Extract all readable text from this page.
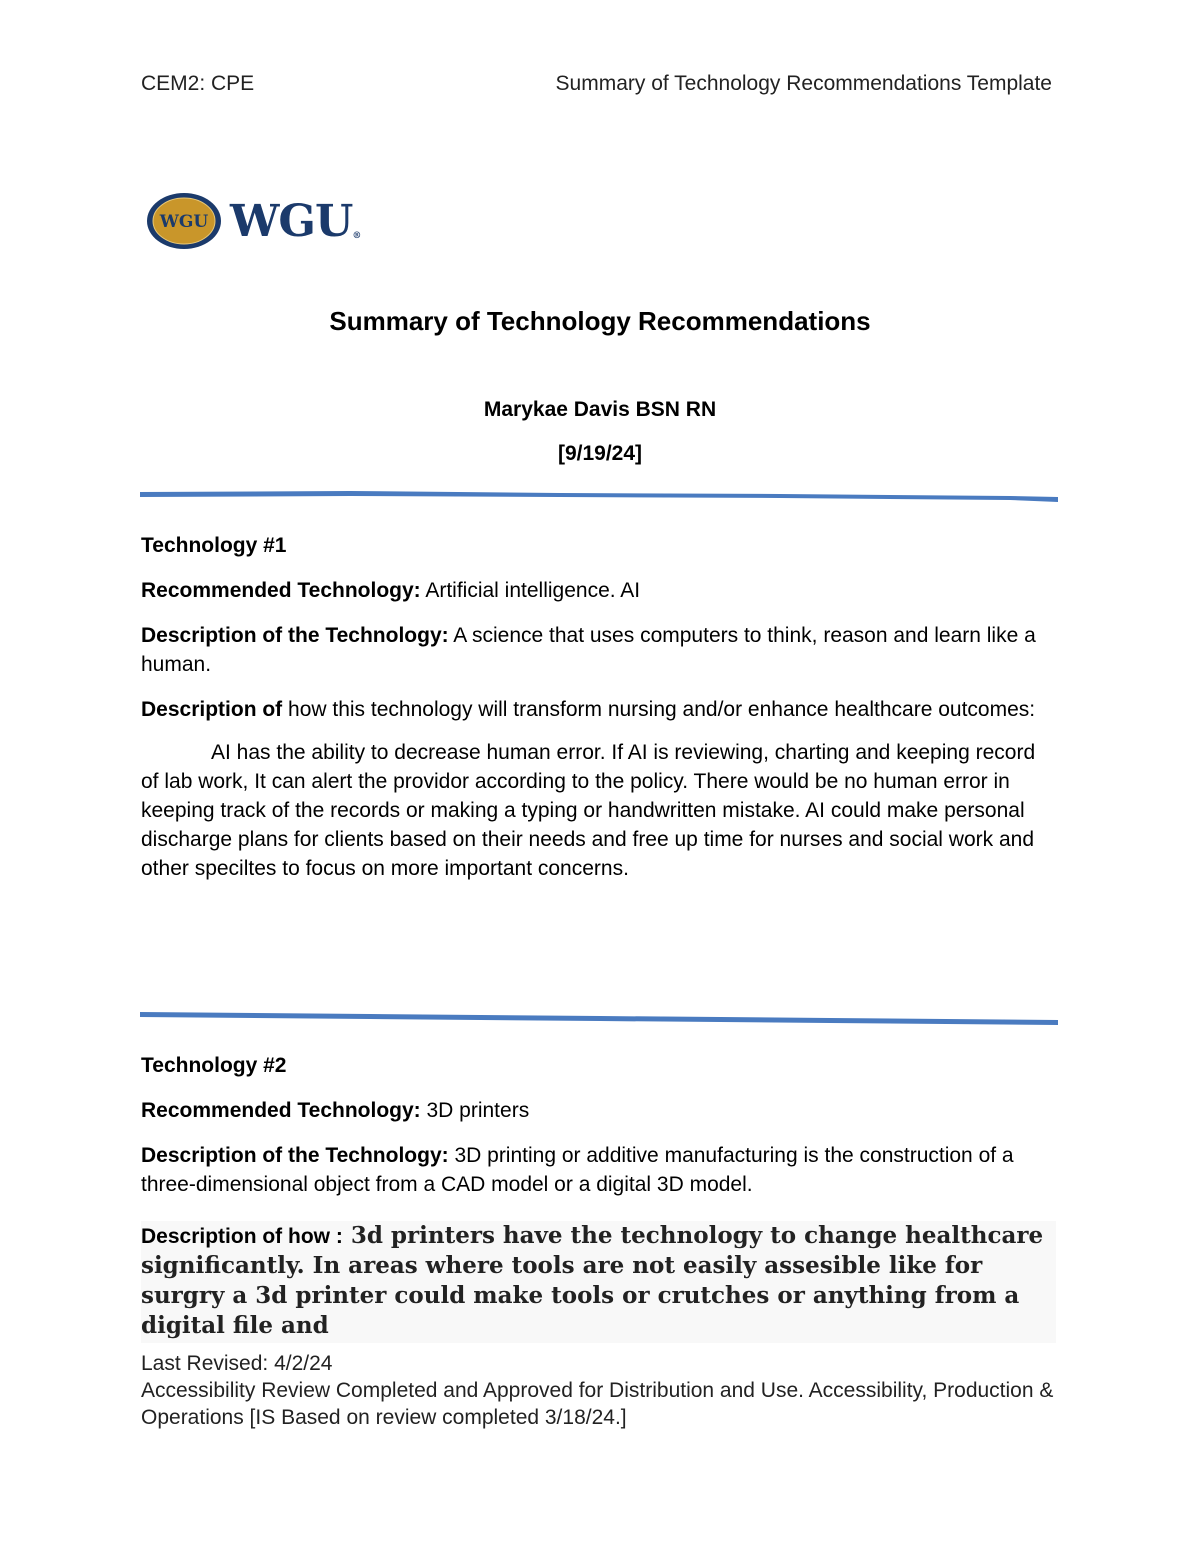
CEM2: CPE	Summary of Technology Recommendations Template
WGU WGU ®
Summary of Technology Recommendations
Marykae Davis BSN RN
[9/19/24]

Technology #1

Recommended Technology: Artificial intelligence. AI

Description of the Technology: A science that uses computers to think, reason and learn like a human.

Description of how this technology will transform nursing and/or enhance healthcare outcomes:

AI has the ability to decrease human error. If AI is reviewing, charting and keeping record of lab work, It can alert the providor according to the policy. There would be no human error in keeping track of the records or making a typing or handwritten mistake. AI could make personal discharge plans for clients based on their needs and free up time for nurses and social work and other speciltes to focus on more important concerns.

Technology #2

Recommended Technology: 3D printers

Description of the Technology: 3D printing or additive manufacturing is the construction of a three-dimensional object from a CAD model or a digital 3D model.

Description of how : 3d printers have the technology to change healthcare significantly. In areas where tools are not easily assesible like for surgry a 3d printer could make tools or crutches or anything from a digital file and
Last Revised: 4/2/24
Accessibility Review Completed and Approved for Distribution and Use. Accessibility, Production & Operations [IS Based on review completed 3/18/24.]
